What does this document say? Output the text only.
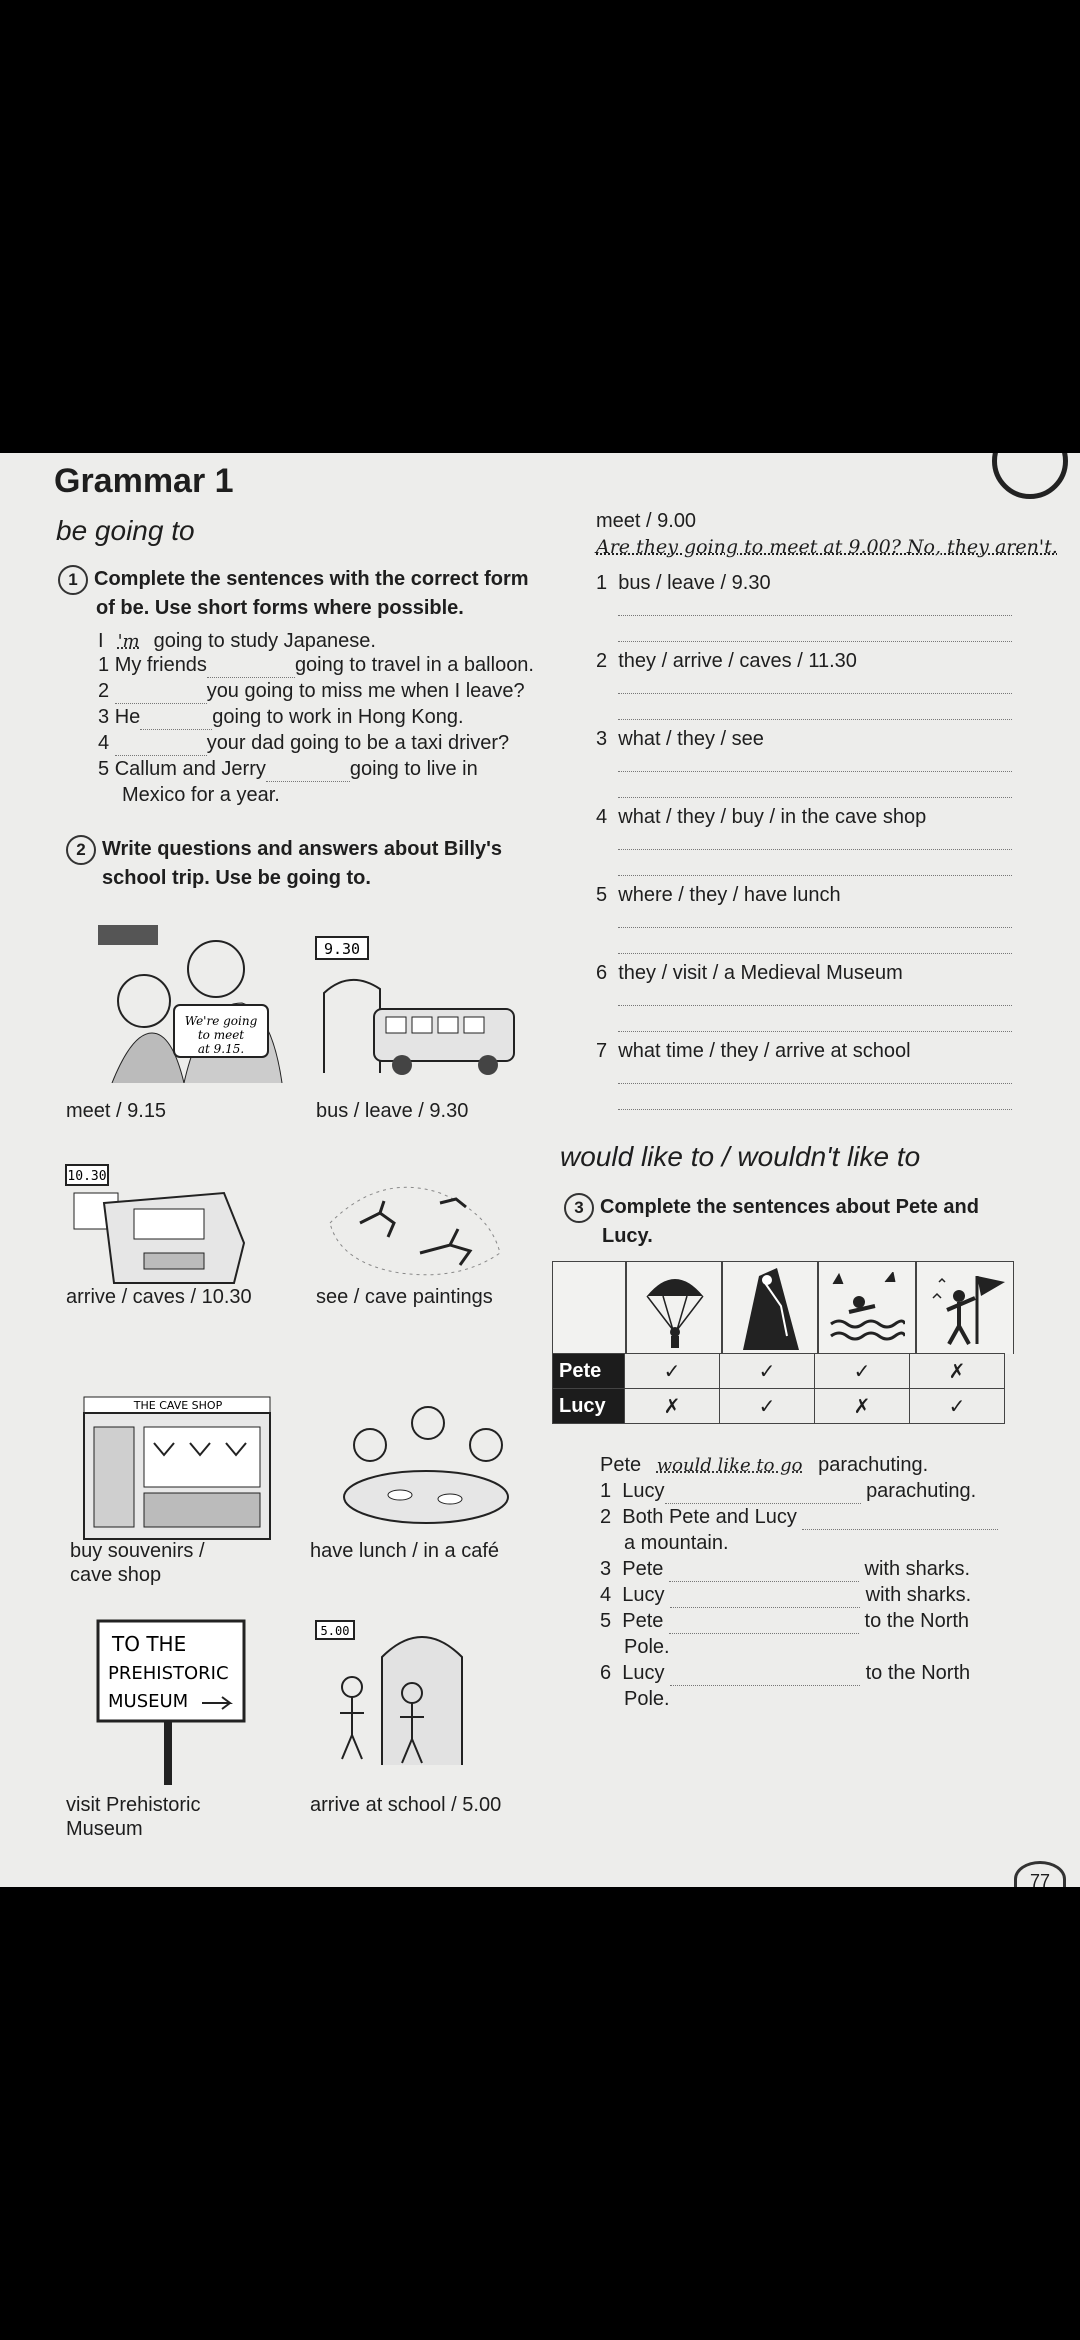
Grammar 1
be going to
1 Complete the sentences with the correct form
of be. Use short forms where possible.
I 'm going to study Japanese.
1 My friends	going to travel in a balloon.
2	you going to miss me when I leave?
3 He	going to work in Hong Kong.
4	your dad going to be a taxi driver?
5 Callum and Jerry	going to live in
Mexico for a year.
2 Write questions and answers about Billy's
school trip. Use be going to.
We're going
to meet
at 9.15.
meet / 9.15
9.30
bus / leave / 9.30
10.30
arrive / caves / 10.30	see / cave paintings
THE CAVE SHOP
buy souvenirs /
cave shop
have lunch / in a café
TO THE
PREHISTORIC
MUSEUM
visit Prehistoric
Museum
5.00
arrive at school / 5.00
meet / 9.00
Are they going to meet at 9.00? No, they aren't.
1 bus / leave / 9.30
2 they / arrive / caves / 11.30
3 what / they / see
4 what / they / buy / in the cave shop
5 where / they / have lunch
6 they / visit / a Medieval Museum
7 what time / they / arrive at school
would like to / wouldn't like to
3 Complete the sentences about Pete and
Lucy.
Pete	✓	✓	✓	✗
Lucy	✗	✓	✗	✓
Pete would like to go parachuting.
1 Lucy	parachuting.
2 Both Pete and Lucy
a mountain.
3 Pete	with sharks.
4 Lucy	with sharks.
5 Pete	to the North
Pole.
6 Lucy	to the North
Pole.
77
